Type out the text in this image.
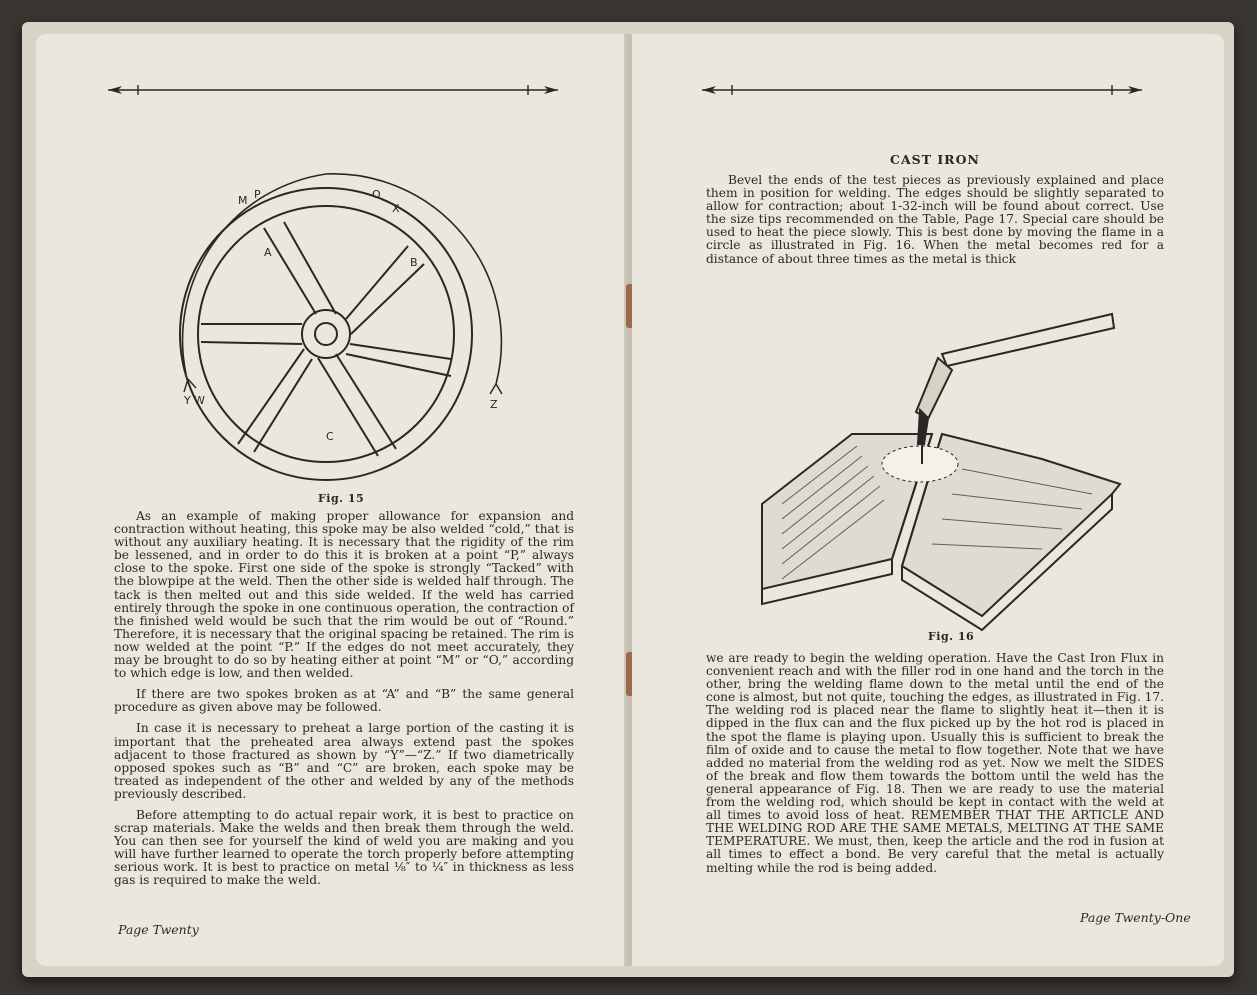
A
B
C
M P	O
X
Y W	Z
Fig. 15

As an example of making proper allowance for expansion and contraction without heating, this spoke may be also welded “cold,” that is without any auxiliary heating. It is necessary that the rigidity of the rim be lessened, and in order to do this it is broken at a point “P,” always close to the spoke. First one side of the spoke is strongly “Tacked” with the blowpipe at the weld. Then the other side is welded half through. The tack is then melted out and this side welded. If the weld has carried entirely through the spoke in one continuous operation, the contraction of the finished weld would be such that the rim would be out of “Round.” Therefore, it is necessary that the original spacing be retained. The rim is now welded at the point “P.” If the edges do not meet accurately, they may be brought to do so by heating either at point “M” or “O,” according to which edge is low, and then welded.

If there are two spokes broken as at “A” and “B” the same general procedure as given above may be followed.

In case it is necessary to preheat a large portion of the casting it is important that the preheated area always extend past the spokes adjacent to those fractured as shown by “Y”—“Z.” If two diametrically opposed spokes such as “B” and “C” are broken, each spoke may be treated as independent of the other and welded by any of the methods previously described.

Before attempting to do actual repair work, it is best to practice on scrap materials. Make the welds and then break them through the weld. You can then see for yourself the kind of weld you are making and you will have further learned to operate the torch properly before attempting serious work. It is best to practice on metal ⅛″ to ¼″ in thickness as less gas is required to make the weld.

Page Twenty
CAST IRON

Bevel the ends of the test pieces as previously explained and place them in position for welding. The edges should be slightly separated to allow for contraction; about 1-32-inch will be found about correct. Use the size tips recommended on the Table, Page 17. Special care should be used to heat the piece slowly. This is best done by moving the flame in a circle as illustrated in Fig. 16. When the metal becomes red for a distance of about three times as the metal is thick

Fig. 16

we are ready to begin the welding operation. Have the Cast Iron Flux in convenient reach and with the filler rod in one hand and the torch in the other, bring the welding flame down to the metal until the end of the cone is almost, but not quite, touching the edges, as illustrated in Fig. 17. The welding rod is placed near the flame to slightly heat it—then it is dipped in the flux can and the flux picked up by the hot rod is placed in the spot the flame is playing upon. Usually this is sufficient to break the film of oxide and to cause the metal to flow together. Note that we have added no material from the welding rod as yet. Now we melt the SIDES of the break and flow them towards the bottom until the weld has the general appearance of Fig. 18. Then we are ready to use the material from the welding rod, which should be kept in contact with the weld at all times to avoid loss of heat. REMEMBER THAT THE ARTICLE AND THE WELDING ROD ARE THE SAME METALS, MELTING AT THE SAME TEMPERATURE. We must, then, keep the article and the rod in fusion at all times to effect a bond. Be very careful that the metal is actually melting while the rod is being added.

Page Twenty-One
